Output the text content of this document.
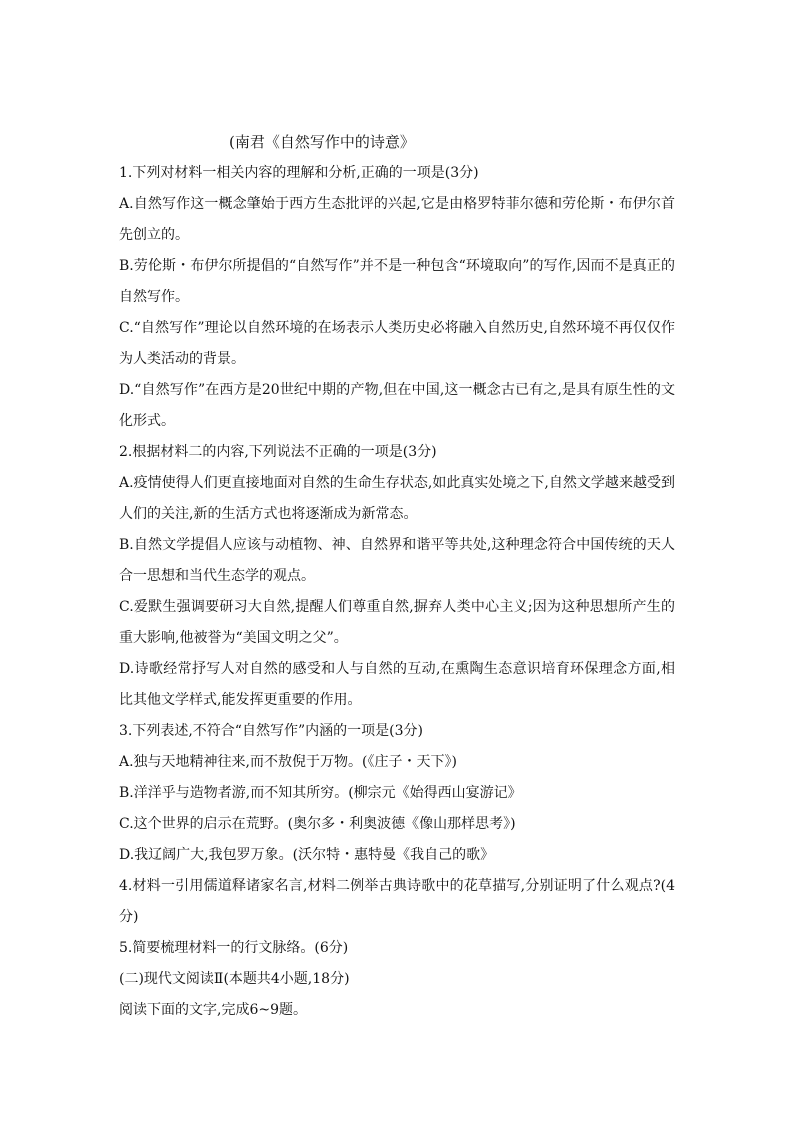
(南君《自然写作中的诗意》
1.下列对材料一相关内容的理解和分析,正确的一项是(3分)
A.自然写作这一概念肇始于西方生态批评的兴起,它是由格罗特菲尔德和劳伦斯・布伊尔首先创立的。
B.劳伦斯・布伊尔所提倡的“自然写作”并不是一种包含“环境取向”的写作,因而不是真正的自然写作。
C.“自然写作”理论以自然环境的在场表示人类历史必将融入自然历史,自然环境不再仅仅作为人类活动的背景。
D.“自然写作”在西方是20世纪中期的产物,但在中国,这一概念古已有之,是具有原生性的文化形式。
2.根据材料二的内容,下列说法不正确的一项是(3分)
A.疫情使得人们更直接地面对自然的生命生存状态,如此真实处境之下,自然文学越来越受到人们的关注,新的生活方式也将逐渐成为新常态。
B.自然文学提倡人应该与动植物、神、自然界和谐平等共处,这种理念符合中国传统的天人合一思想和当代生态学的观点。
C.爱默生强调要研习大自然,提醒人们尊重自然,摒弃人类中心主义;因为这种思想所产生的重大影响,他被誉为“美国文明之父”。
D.诗歌经常抒写人对自然的感受和人与自然的互动,在熏陶生态意识培育环保理念方面,相比其他文学样式,能发挥更重要的作用。
3.下列表述,不符合“自然写作”内涵的一项是(3分)
A.独与天地精神往来,而不敖倪于万物。(《庄子・天下》)
B.洋洋乎与造物者游,而不知其所穷。(柳宗元《始得西山宴游记》
C.这个世界的启示在荒野。(奥尔多・利奥波德《像山那样思考》)
D.我辽阔广大,我包罗万象。(沃尔特・惠特曼《我自己的歌》
4.材料一引用儒道释诸家名言,材料二例举古典诗歌中的花草描写,分别证明了什么观点?(4分)
5.简要梳理材料一的行文脉络。(6分)
(二)现代文阅读Ⅱ(本题共4小题,18分)
阅读下面的文字,完成6~9题。
